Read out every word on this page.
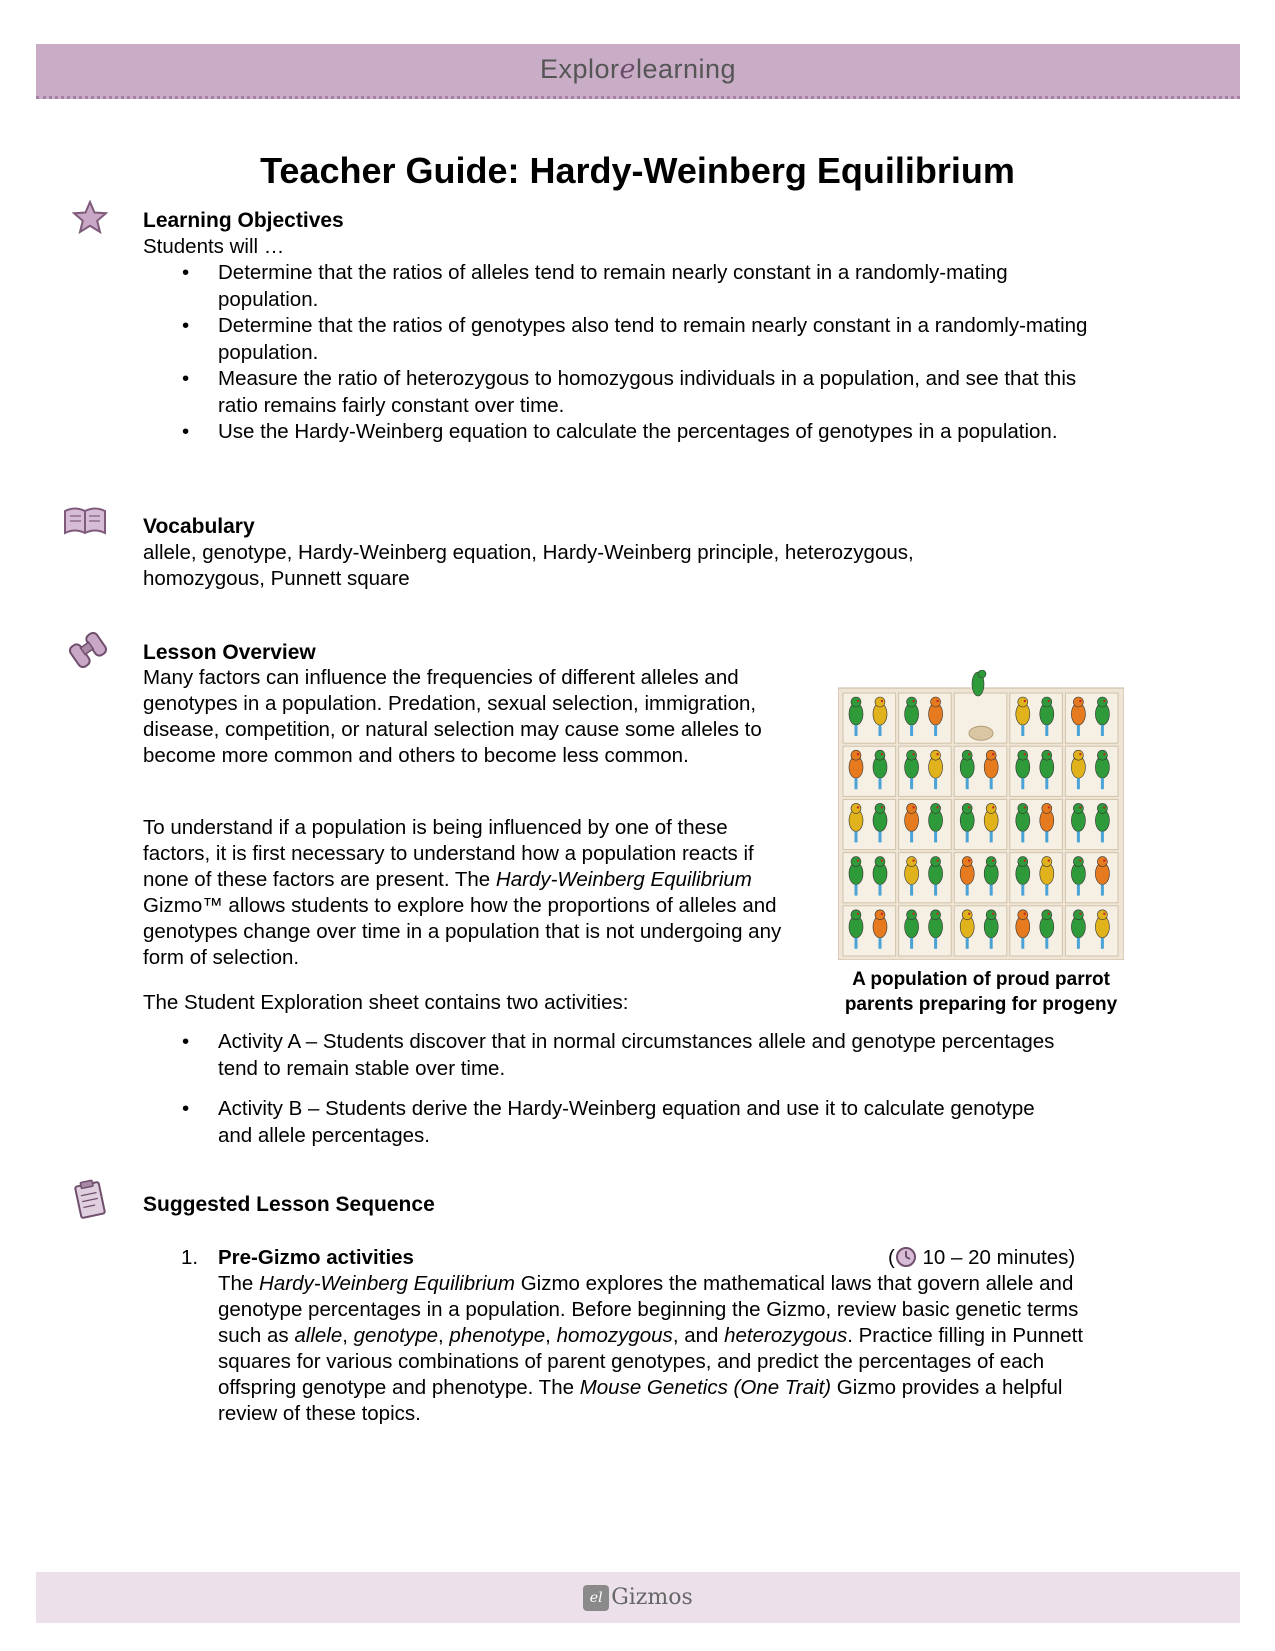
Explorelearning
Teacher Guide: Hardy-Weinberg Equilibrium
Learning Objectives
Students will …
• Determine that the ratios of alleles tend to remain nearly constant in a randomly-mating population.
• Determine that the ratios of genotypes also tend to remain nearly constant in a randomly-mating population.
• Measure the ratio of heterozygous to homozygous individuals in a population, and see that this ratio remains fairly constant over time.
• Use the Hardy-Weinberg equation to calculate the percentages of genotypes in a population.
Vocabulary
allele, genotype, Hardy-Weinberg equation, Hardy-Weinberg principle, heterozygous, homozygous, Punnett square
Lesson Overview
Many factors can influence the frequencies of different alleles and genotypes in a population. Predation, sexual selection, immigration, disease, competition, or natural selection may cause some alleles to become more common and others to become less common.
To understand if a population is being influenced by one of these factors, it is first necessary to understand how a population reacts if none of these factors are present. The Hardy-Weinberg Equilibrium Gizmo™ allows students to explore how the proportions of alleles and genotypes change over time in a population that is not undergoing any form of selection.
A population of proud parrot
parents preparing for progeny
The Student Exploration sheet contains two activities:
• Activity A – Students discover that in normal circumstances allele and genotype percentages tend to remain stable over time.
• Activity B – Students derive the Hardy-Weinberg equation and use it to calculate genotype and allele percentages.
Suggested Lesson Sequence
1. Pre-Gizmo activities	( 10 – 20 minutes)
The Hardy-Weinberg Equilibrium Gizmo explores the mathematical laws that govern allele and genotype percentages in a population. Before beginning the Gizmo, review basic genetic terms such as allele, genotype, phenotype, homozygous, and heterozygous. Practice filling in Punnett squares for various combinations of parent genotypes, and predict the percentages of each offspring genotype and phenotype. The Mouse Genetics (One Trait) Gizmo provides a helpful review of these topics.
el Gizmos
